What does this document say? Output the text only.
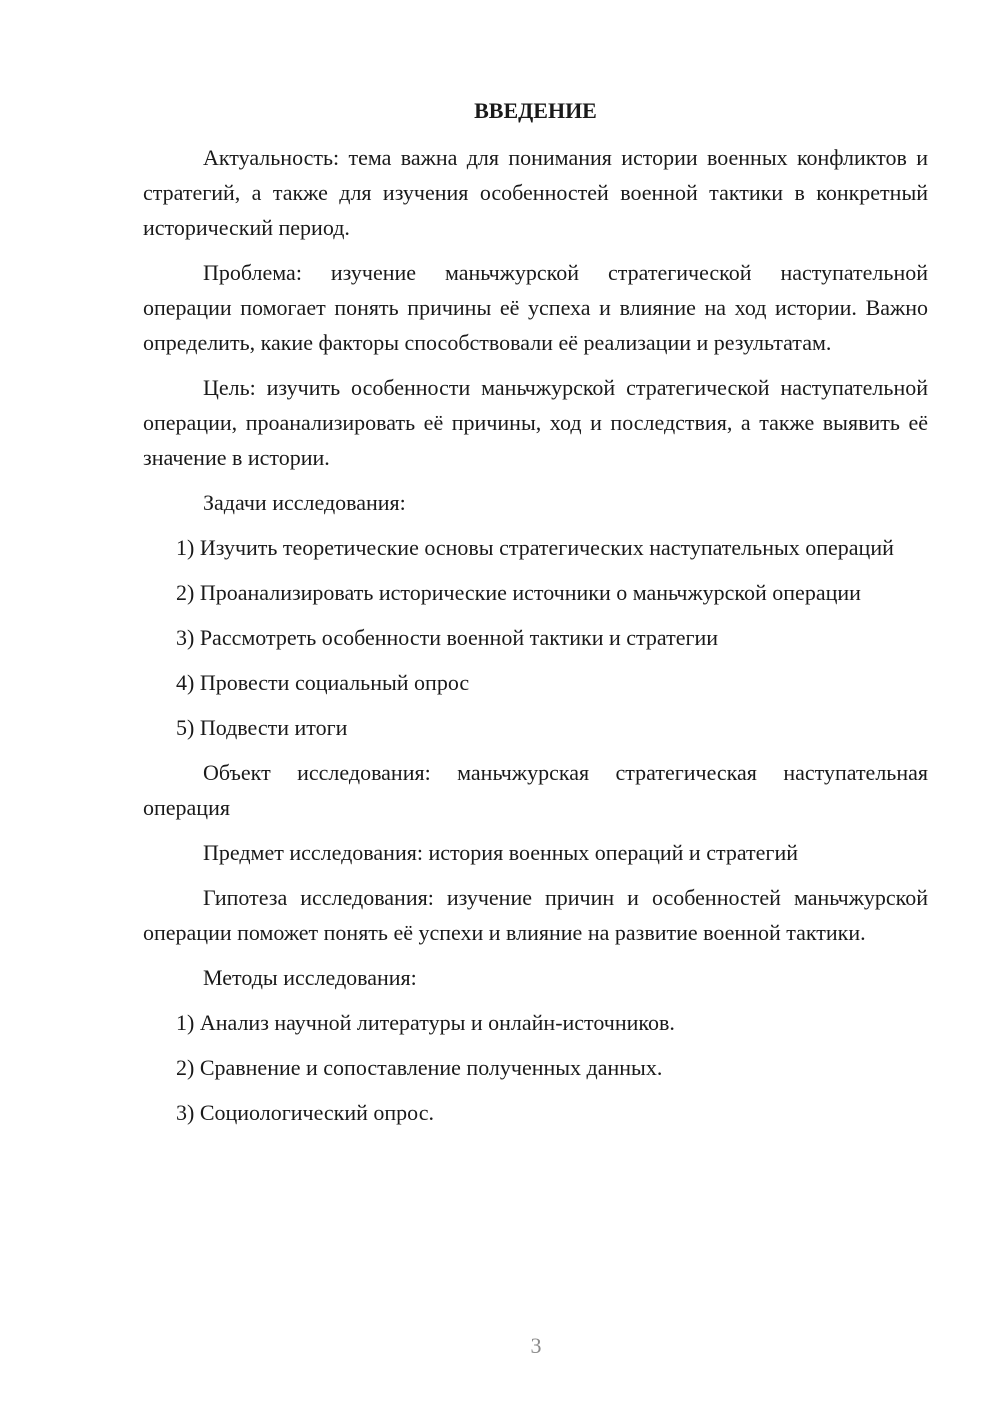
ВВЕДЕНИЕ

Актуальность: тема важна для понимания истории военных конфликтов и стратегий, а также для изучения особенностей военной тактики в конкретный исторический период.

Проблема: изучение маньчжурской стратегической наступательной операции помогает понять причины её успеха и влияние на ход истории. Важно определить, какие факторы способствовали её реализации и результатам.

Цель: изучить особенности маньчжурской стратегической наступательной операции, проанализировать её причины, ход и последствия, а также выявить её значение в истории.

Задачи исследования:

1) Изучить теоретические основы стратегических наступательных операций

2) Проанализировать исторические источники о маньчжурской операции

3) Рассмотреть особенности военной тактики и стратегии

4) Провести социальный опрос

5) Подвести итоги

Объект исследования: маньчжурская стратегическая наступательная операция

Предмет исследования: история военных операций и стратегий

Гипотеза исследования: изучение причин и особенностей маньчжурской операции поможет понять её успехи и влияние на развитие военной тактики.

Методы исследования:

1) Анализ научной литературы и онлайн-источников.

2) Сравнение и сопоставление полученных данных.

3) Социологический опрос.

3
